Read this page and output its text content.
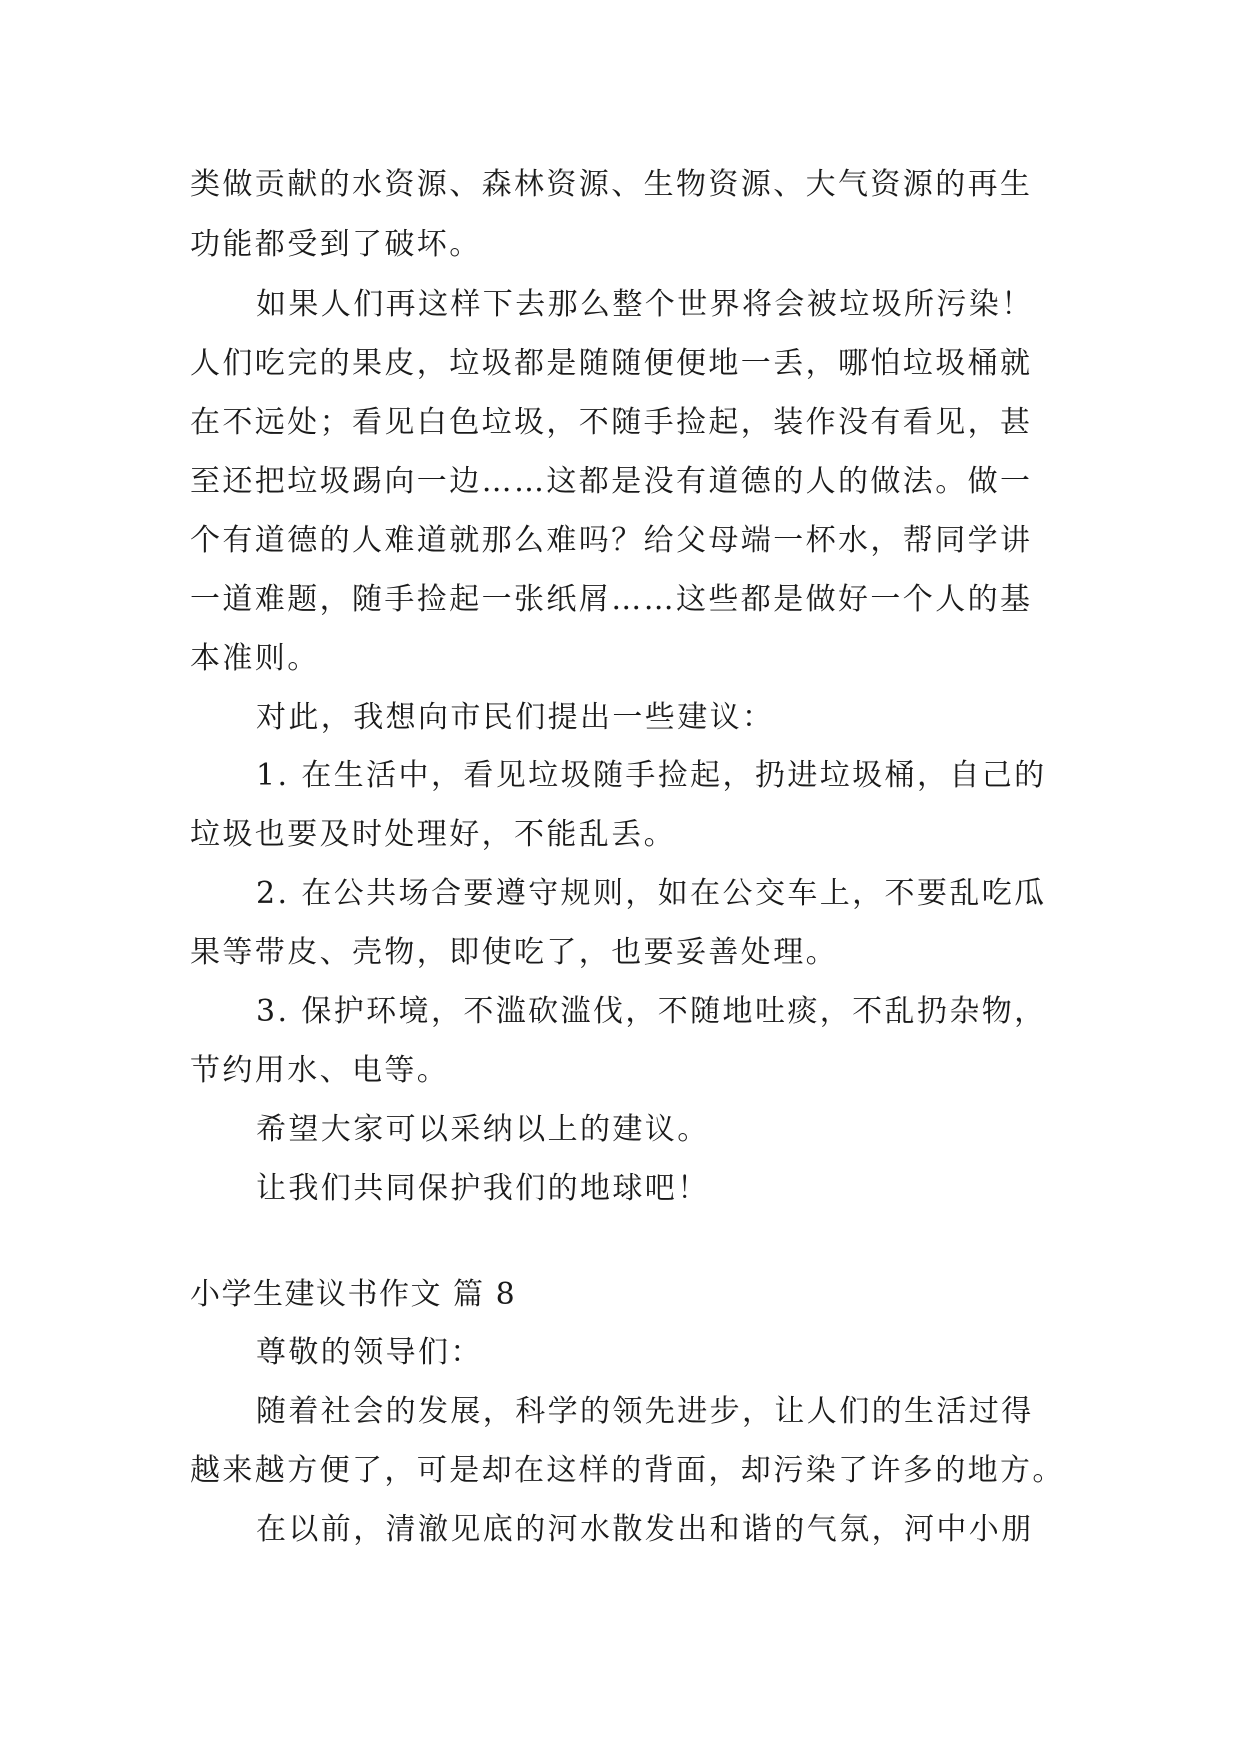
类做贡献的水资源、森林资源、生物资源、大气资源的再生
功能都受到了破坏。
如果人们再这样下去那么整个世界将会被垃圾所污染！
人们吃完的果皮，垃圾都是随随便便地一丢，哪怕垃圾桶就
在不远处；看见白色垃圾，不随手捡起，装作没有看见，甚
至还把垃圾踢向一边……这都是没有道德的人的做法。做一
个有道德的人难道就那么难吗？给父母端一杯水，帮同学讲
一道难题，随手捡起一张纸屑……这些都是做好一个人的基
本准则。
对此，我想向市民们提出一些建议：
1. 在生活中，看见垃圾随手捡起，扔进垃圾桶，自己的
垃圾也要及时处理好，不能乱丢。
2. 在公共场合要遵守规则，如在公交车上，不要乱吃瓜
果等带皮、壳物，即使吃了，也要妥善处理。
3. 保护环境，不滥砍滥伐，不随地吐痰，不乱扔杂物，
节约用水、电等。
希望大家可以采纳以上的建议。
让我们共同保护我们的地球吧！
小学生建议书作文 篇 8
尊敬的领导们：
随着社会的发展，科学的领先进步，让人们的生活过得
越来越方便了，可是却在这样的背面，却污染了许多的地方。
在以前，清澈见底的河水散发出和谐的气氛，河中小朋
